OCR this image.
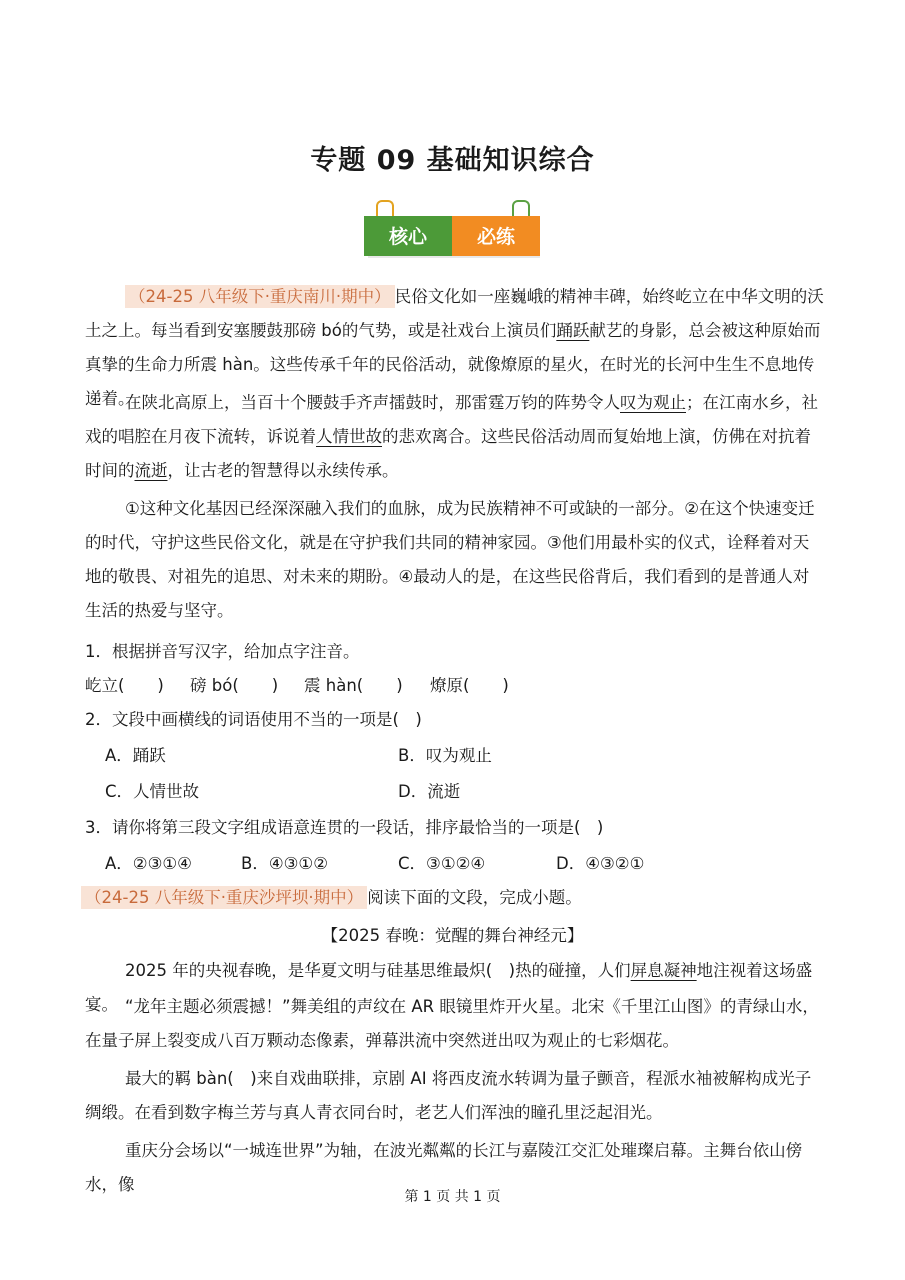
专题 09 基础知识综合
核心	必练
（24-25 八年级下·重庆南川·期中） 民俗文化如一座巍峨的精神丰碑，始终屹立在中华文明的沃土之上。每当看到安塞腰鼓那磅 bó的气势，或是社戏台上演员们踊跃献艺的身影，总会被这种原始而真挚的生命力所震 hàn。这些传承千年的民俗活动，就像燎原的星火，在时光的长河中生生不息地传递着。
在陕北高原上，当百十个腰鼓手齐声擂鼓时，那雷霆万钧的阵势令人叹为观止；在江南水乡，社戏的唱腔在月夜下流转，诉说着人情世故的悲欢离合。这些民俗活动周而复始地上演，仿佛在对抗着时间的流逝，让古老的智慧得以永续传承。
①这种文化基因已经深深融入我们的血脉，成为民族精神不可或缺的一部分。②在这个快速变迁的时代，守护这些民俗文化，就是在守护我们共同的精神家园。③他们用最朴实的仪式，诠释着对天地的敬畏、对祖先的追思、对未来的期盼。④最动人的是，在这些民俗背后，我们看到的是普通人对生活的热爱与坚守。
1．根据拼音写汉字，给加点字注音。
屹立(　　) 磅 bó(　　) 震 hàn(　　) 燎原(　　)
2．文段中画横线的词语使用不当的一项是(　)
A．踊跃	B．叹为观止
C．人情世故	D．流逝
3．请你将第三段文字组成语意连贯的一段话，排序最恰当的一项是(　)
A．②③①④	B．④③①②	C．③①②④	D．④③②①
（24-25 八年级下·重庆沙坪坝·期中） 阅读下面的文段，完成小题。
【2025 春晚：觉醒的舞台神经元】
2025 年的央视春晚，是华夏文明与硅基思维最炽(　)热的碰撞，人们屏息凝神地注视着这场盛宴。 “龙年主题必须震撼！”舞美组的声纹在 AR 眼镜里炸开火星。北宋《千里江山图》的青绿山水，在量子屏上裂变成八百万颗动态像素，弹幕洪流中突然迸出叹为观止的七彩烟花。
最大的羁 bàn(　)来自戏曲联排，京剧 AI 将西皮流水转调为量子颤音，程派水袖被解构成光子绸缎。在看到数字梅兰芳与真人青衣同台时，老艺人们浑浊的瞳孔里泛起泪光。
重庆分会场以“一城连世界”为轴，在波光粼粼的长江与嘉陵江交汇处璀璨启幕。主舞台依山傍水，像
第 1 页 共 1 页
